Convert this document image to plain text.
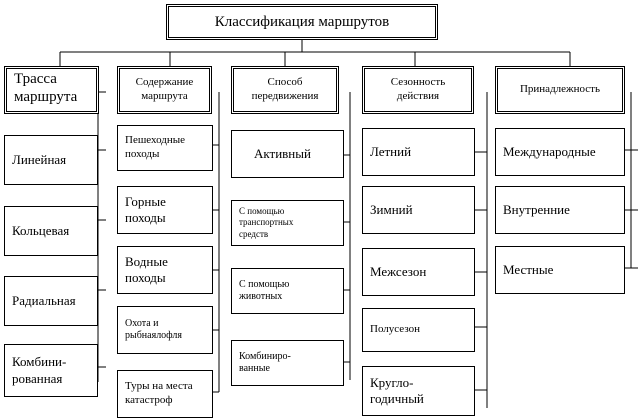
Классификация маршрутов
Трасса
маршрута
Линейная
Кольцевая
Радиальная
Комбини-
рованная
Содержание
маршрута
Пешеходные
походы
Горные
походы
Водные
походы
Охота и
рыбнаялофля
Туры на места
катастроф
Способ
передвижения
Активный
С помощью
транспортных
средств
С помощью
животных
Комбиниро-
ванные
Сезонность
действия
Летний
Зимний
Межсезон
Полусезон
Кругло-
годичный
Принадлежность
Международные
Внутренние
Местные
